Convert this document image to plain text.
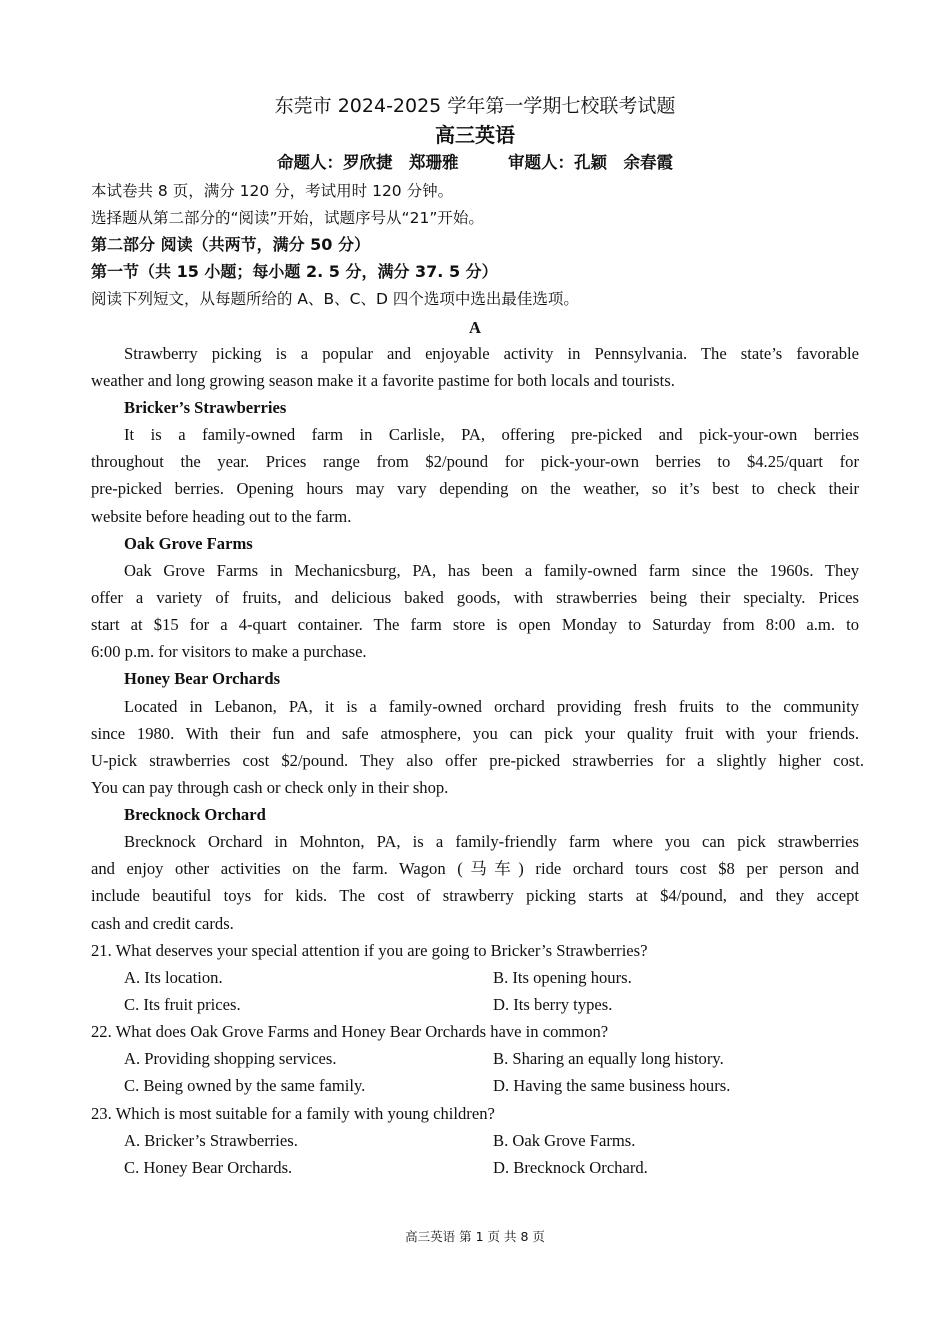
东莞市 2024-2025 学年第一学期七校联考试题
高三英语
命题人：罗欣捷　郑珊雅　　　审题人：孔颖　余春霞
本试卷共 8 页，满分 120 分，考试用时 120 分钟。
选择题从第二部分的“阅读”开始，试题序号从“21”开始。
第二部分 阅读（共两节，满分 50 分）
第一节（共 15 小题；每小题 2. 5 分，满分 37. 5 分）
阅读下列短文，从每题所给的 A、B、C、D 四个选项中选出最佳选项。
A
Strawberry picking is a popular and enjoyable activity in Pennsylvania. The state’s favorable
weather and long growing season make it a favorite pastime for both locals and tourists.
Bricker’s Strawberries
It is a family-owned farm in Carlisle, PA, offering pre-picked and pick-your-own berries
throughout the year. Prices range from $2/pound for pick-your-own berries to $4.25/quart for
pre-picked berries. Opening hours may vary depending on the weather, so it’s best to check their
website before heading out to the farm.
Oak Grove Farms
Oak Grove Farms in Mechanicsburg, PA, has been a family-owned farm since the 1960s. They
offer a variety of fruits, and delicious baked goods, with strawberries being their specialty. Prices
start at $15 for a 4-quart container. The farm store is open Monday to Saturday from 8:00 a.m. to
6:00 p.m. for visitors to make a purchase.
Honey Bear Orchards
Located in Lebanon, PA, it is a family-owned orchard providing fresh fruits to the community
since 1980. With their fun and safe atmosphere, you can pick your quality fruit with your friends.
U-pick strawberries cost $2/pound. They also offer pre-picked strawberries for a slightly higher cost.
You can pay through cash or check only in their shop.
Brecknock Orchard
Brecknock Orchard in Mohnton, PA, is a family-friendly farm where you can pick strawberries
and enjoy other activities on the farm. Wagon (马车) ride orchard tours cost $8 per person and
include beautiful toys for kids. The cost of strawberry picking starts at $4/pound, and they accept
cash and credit cards.
21. What deserves your special attention if you are going to Bricker’s Strawberries?
A. Its location.	B. Its opening hours.
C. Its fruit prices.	D. Its berry types.
22. What does Oak Grove Farms and Honey Bear Orchards have in common?
A. Providing shopping services.	B. Sharing an equally long history.
C. Being owned by the same family.	D. Having the same business hours.
23. Which is most suitable for a family with young children?
A. Bricker’s Strawberries.	B. Oak Grove Farms.
C. Honey Bear Orchards.	D. Brecknock Orchard.
高三英语 第 1 页 共 8 页
